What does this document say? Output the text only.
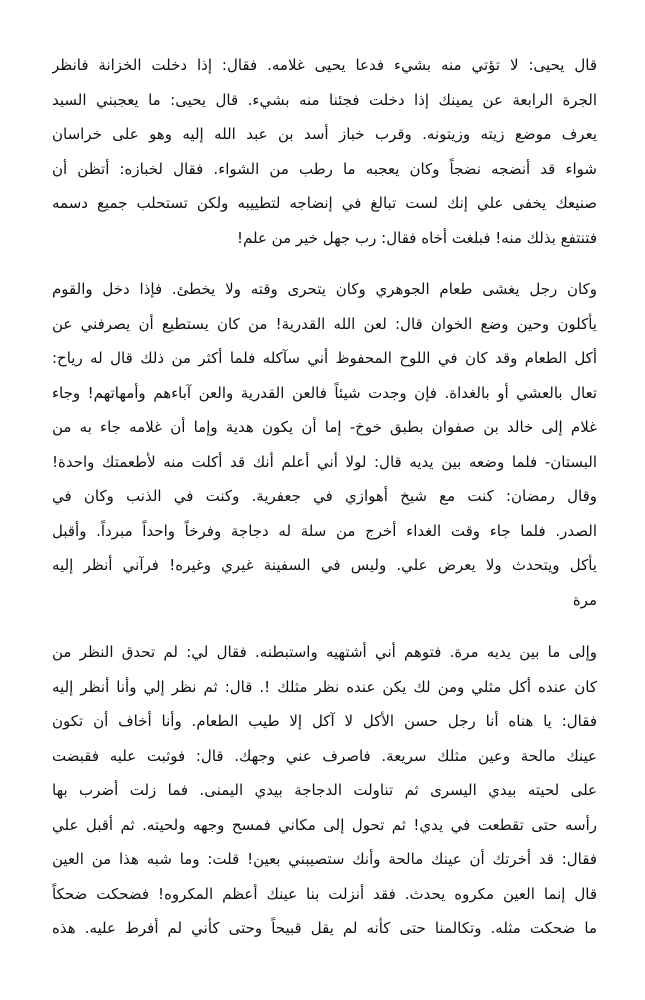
قال يحيى: لا تؤتي منه بشيء فدعا يحيى غلامه. فقال: إذا دخلت الخزانة فانظر
الجرة الرابعة عن يمينك إذا دخلت فجئنا منه بشيء. قال يحيى: ما يعجبني السيد
يعرف موضع زيته وزيتونه. وقرب خباز أسد بن عبد الله إليه وهو على خراسان
شواء قد أنضجه نضجاً وكان يعجبه ما رطب من الشواء. فقال لخبازه: أتظن أن
صنيعك يخفى علي إنك لست تبالغ في إنضاجه لتطييبه ولكن تستحلب جميع دسمه
فتنتفع بذلك منه! فبلغت أخاه فقال: رب جهل خير من علم!
وكان رجل يغشى طعام الجوهري وكان يتحرى وقته ولا يخطئ. فإذا دخل والقوم
يأكلون وحين وضع الخوان قال: لعن الله القدرية! من كان يستطيع أن يصرفني عن
أكل الطعام وقد كان في اللوح المحفوظ أني سآكله فلما أكثر من ذلك قال له رياح:
تعال بالعشي أو بالغداة. فإن وجدت شيئاً فالعن القدرية والعن آباءهم وأمهاتهم! وجاء
غلام إلى خالد بن صفوان بطبق خوخ- إما أن يكون هدية وإما أن غلامه جاء به من
البستان- فلما وضعه بين يديه قال: لولا أني أعلم أنك قد أكلت منه لأطعمتك واحدة!
وقال رمضان: كنت مع شيخ أهوازي في جعفرية. وكنت في الذنب وكان في
الصدر. فلما جاء وقت الغداء أخرج من سلة له دجاجة وفرخاً واحداً مبرداً. وأقبل
يأكل ويتحدث ولا يعرض علي. وليس في السفينة غيري وغيره! فرآني أنظر إليه
مرة
وإلى ما بين يديه مرة. فتوهم أني أشتهيه واستبطنه. فقال لي: لم تحدق النظر من
كان عنده أكل مثلي ومن لك يكن عنده نظر مثلك !. قال: ثم نظر إلي وأنا أنظر إليه
فقال: يا هناه أنا رجل حسن الأكل لا آكل إلا طيب الطعام. وأنا أخاف أن تكون
عينك مالحة وعين مثلك سريعة. فاصرف عني وجهك. قال: فوثبت عليه فقبضت
على لحيته بيدي اليسرى ثم تناولت الدجاجة بيدي اليمنى. فما زلت أضرب بها
رأسه حتى تقطعت في يدي! ثم تحول إلى مكاني فمسح وجهه ولحيته. ثم أقبل علي
فقال: قد أخرتك أن عينك مالحة وأنك ستصيبني بعين! قلت: وما شبه هذا من العين
قال إنما العين مكروه يحدث. فقد أنزلت بنا عينك أعظم المكروه! فضحكت ضحكاً
ما ضحكت مثله. وتكالمنا حتى كأنه لم يقل قبيحاً وحتى كأني لم أفرط عليه. هذه
